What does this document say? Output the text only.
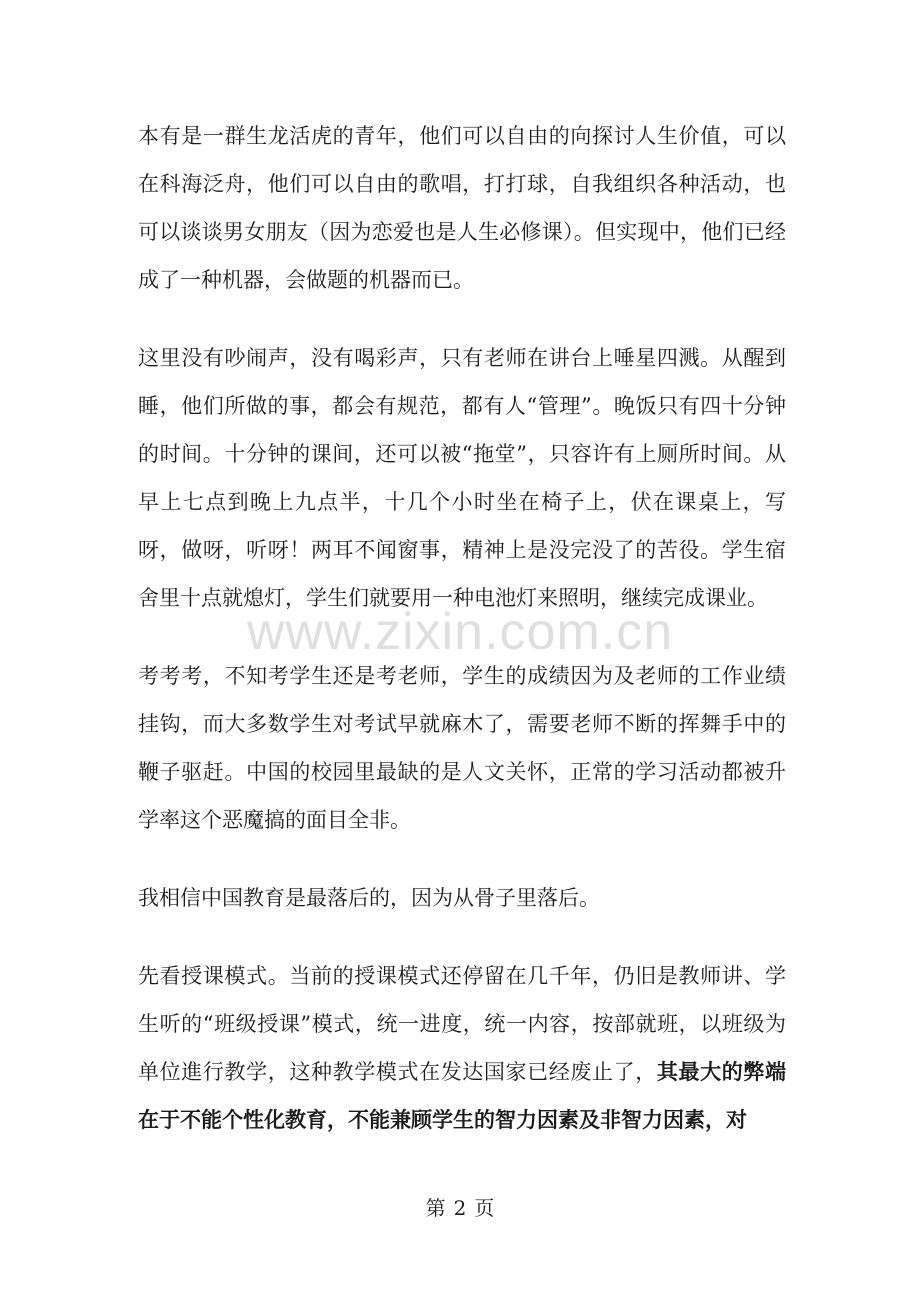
本有是一群生龙活虎的青年，他们可以自由的向探讨人生价值，可以在科海泛舟，他们可以自由的歌唱，打打球，自我组织各种活动，也可以谈谈男女朋友（因为恋爱也是人生必修课）。但实现中，他们已经成了一种机器，会做题的机器而已。

这里没有吵闹声，没有喝彩声，只有老师在讲台上唾星四溅。从醒到睡，他们所做的事，都会有规范，都有人“管理”。晚饭只有四十分钟的时间。十分钟的课间，还可以被“拖堂”，只容许有上厕所时间。从早上七点到晚上九点半，十几个小时坐在椅子上，伏在课桌上，写呀，做呀，听呀！两耳不闻窗事，精神上是没完没了的苦役。学生宿舍里十点就熄灯，学生们就要用一种电池灯来照明，继续完成课业。

考考考，不知考学生还是考老师，学生的成绩因为及老师的工作业绩挂钩，而大多数学生对考试早就麻木了，需要老师不断的挥舞手中的鞭子驱赶。中国的校园里最缺的是人文关怀，正常的学习活动都被升学率这个恶魔搞的面目全非。

我相信中国教育是最落后的，因为从骨子里落后。

先看授课模式。当前的授课模式还停留在几千年，仍旧是教师讲、学生听的“班级授课”模式，统一进度，统一内容，按部就班，以班级为单位進行教学，这种教学模式在发达国家已经废止了，其最大的弊端在于不能个性化教育，不能兼顾学生的智力因素及非智力因素，对

www.zixin.com.cn
第 2 页
